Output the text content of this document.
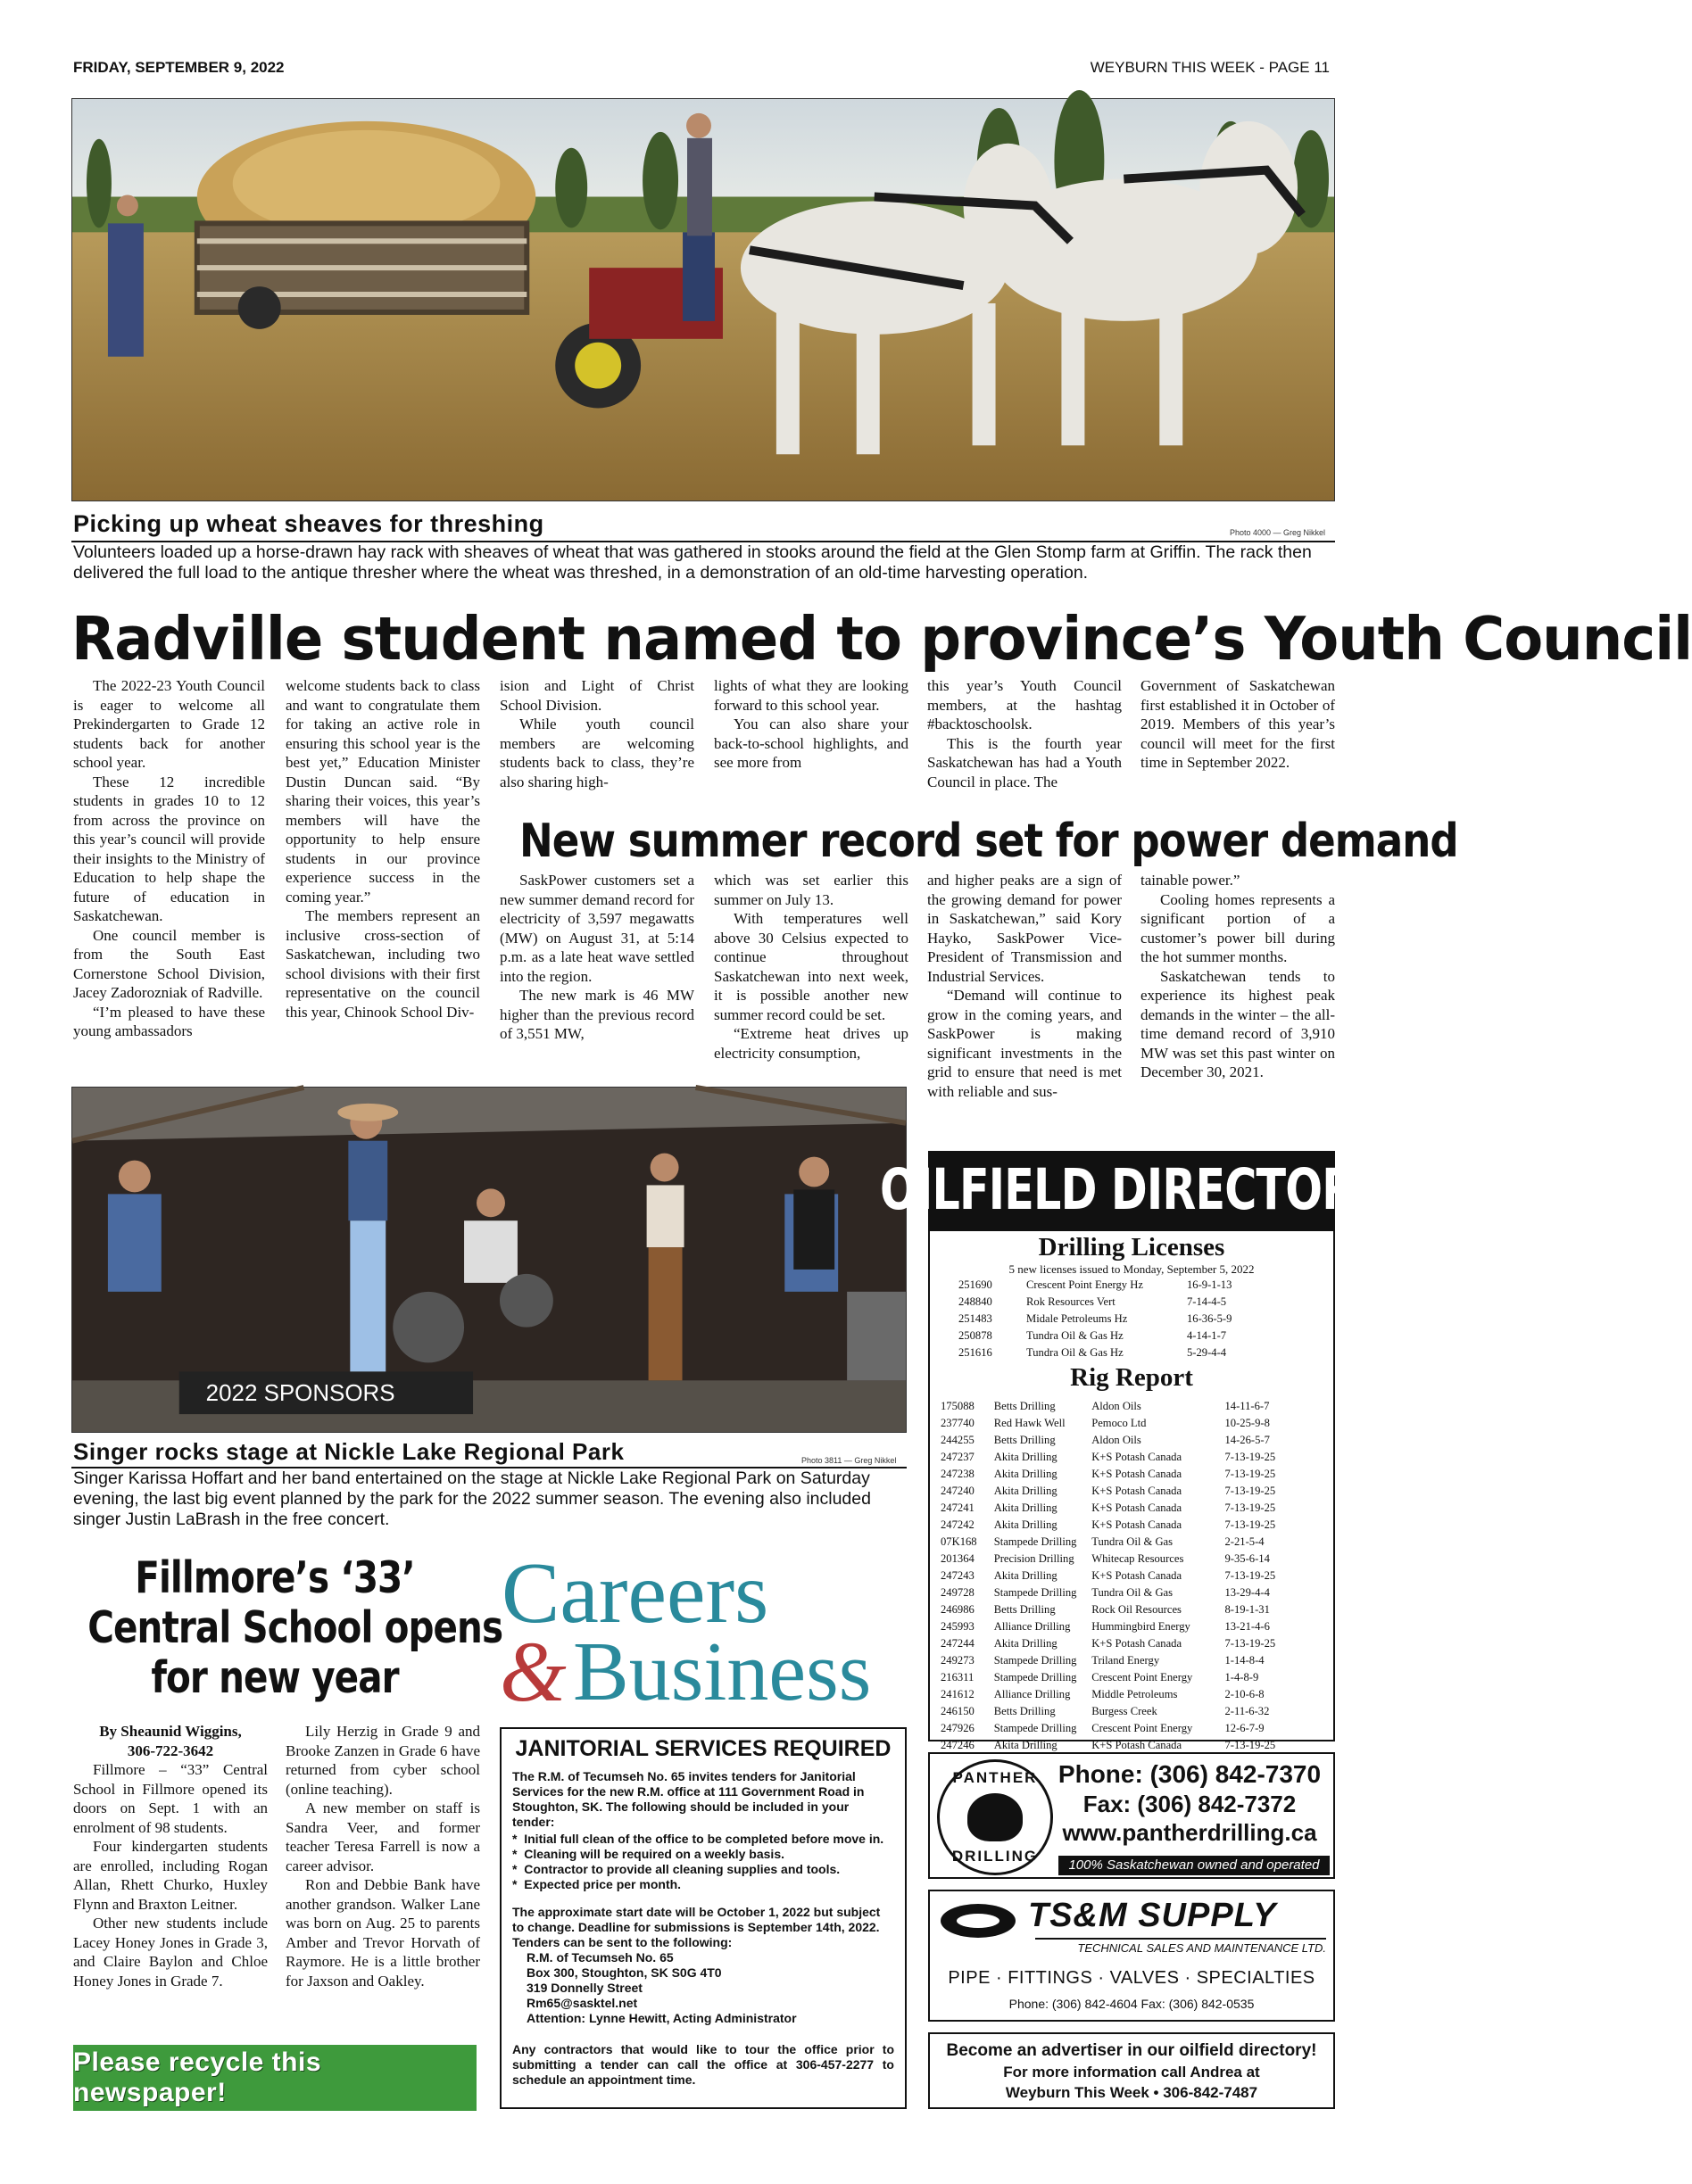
FRIDAY, SEPTEMBER 9, 2022	WEYBURN THIS WEEK - PAGE 11
Picking up wheat sheaves for threshing	Photo 4000 — Greg Nikkel
Volunteers loaded up a horse-drawn hay rack with sheaves of wheat that was gathered in stooks around the field at the Glen Stomp farm at Griffin. The rack then delivered the full load to the antique thresher where the wheat was threshed, in a demonstration of an old-time harvesting operation.
Radville student named to province’s Youth Council

The 2022-23 Youth Council is eager to welcome all Prekindergarten to Grade 12 students back for another school year.

These 12 incredible students in grades 10 to 12 from across the province on this year’s council will provide their insights to the Ministry of Education to help shape the future of education in Saskatchewan.

One council member is from the South East Cornerstone School Division, Jacey Zadorozniak of Radville.

“I’m pleased to have these young ambassadors

welcome students back to class and want to congratulate them for taking an active role in ensuring this school year is the best yet,” Education Minister Dustin Duncan said. “By sharing their voices, this year’s members will have the opportunity to help ensure students in our province experience success in the coming year.”

The members represent an inclusive cross-section of Saskatchewan, including two school divisions with their first representative on the council this year, Chinook School Div-

ision and Light of Christ School Division.

While youth council members are welcoming students back to class, they’re also sharing high-

lights of what they are looking forward to this school year.

You can also share your back-to-school highlights, and see more from

this year’s Youth Council members, at the hashtag #backtoschoolsk.

This is the fourth year Saskatchewan has had a Youth Council in place. The

Government of Saskatchewan first established it in October of 2019. Members of this year’s council will meet for the first time in September 2022.

New summer record set for power demand

SaskPower customers set a new summer demand record for electricity of 3,597 megawatts (MW) on August 31, at 5:14 p.m. as a late heat wave settled into the region.

The new mark is 46 MW higher than the previous record of 3,551 MW,

which was set earlier this summer on July 13.

With temperatures well above 30 Celsius expected to continue throughout Saskatchewan into next week, it is possible another new summer record could be set.

“Extreme heat drives up electricity consumption,

and higher peaks are a sign of the growing demand for power in Saskatchewan,” said Kory Hayko, SaskPower Vice-President of Transmission and Industrial Services.

“Demand will continue to grow in the coming years, and SaskPower is making significant investments in the grid to ensure that need is met with reliable and sus-

tainable power.”

Cooling homes represents a significant portion of a customer’s power bill during the hot summer months.

Saskatchewan tends to experience its highest peak demands in the winter – the all-time demand record of 3,910 MW was set this past winter on December 30, 2021.

2022 SPONSORS
Singer rocks stage at Nickle Lake Regional Park	Photo 3811 — Greg Nikkel
Singer Karissa Hoffart and her band entertained on the stage at Nickle Lake Regional Park on Saturday evening, the last big event planned by the park for the 2022 summer season. The evening also included singer Justin LaBrash in the free concert.
Fillmore’s ‘33’
Central School opens
for new year
By Sheaunid Wiggins,
306-722-3642

Fillmore – “33” Central School in Fillmore opened its doors on Sept. 1 with an enrolment of 98 students.

Four kindergarten students are enrolled, including Rogan Allan, Rhett Churko, Huxley Flynn and Braxton Leitner.

Other new students include Lacey Honey Jones in Grade 3, and Claire Baylon and Chloe Honey Jones in Grade 7.

Lily Herzig in Grade 9 and Brooke Zanzen in Grade 6 have returned from cyber school (online teaching).

A new member on staff is Sandra Veer, and former teacher Teresa Farrell is now a career advisor.

Ron and Debbie Bank have another grandson. Walker Lane was born on Aug. 25 to parents Amber and Trevor Horvath of Raymore. He is a little brother for Jaxson and Oakley.

Please recycle this newspaper!
Careers
& Business
JANITORIAL SERVICES REQUIRED

The R.M. of Tecumseh No. 65 invites tenders for Janitorial Services for the new R.M. office at 111 Government Road in Stoughton, SK. The following should be included in your tender:

*  Initial full clean of the office to be completed before move in.
*  Cleaning will be required on a weekly basis.
*  Contractor to provide all cleaning supplies and tools.
*  Expected price per month.

The approximate start date will be October 1, 2022 but subject to change. Deadline for submissions is September 14th, 2022. Tenders can be sent to the following:

R.M. of Tecumseh No. 65
Box 300, Stoughton, SK S0G 4T0
319 Donnelly Street
Rm65@sasktel.net
Attention: Lynne Hewitt, Acting Administrator

Any contractors that would like to tour the office prior to submitting a tender can call the office at 306-457-2277 to schedule an appointment time.

OILFIELD DIRECTORY
Drilling Licenses
5 new licenses issued to Monday, September 5, 2022
251690	Crescent Point Energy Hz	16-9-1-13
248840	Rok Resources Vert	7-14-4-5
251483	Midale Petroleums Hz	16-36-5-9
250878	Tundra Oil & Gas Hz	4-14-1-7
251616	Tundra Oil & Gas Hz	5-29-4-4
Rig Report
175088	Betts Drilling	Aldon Oils	14-11-6-7
237740	Red Hawk Well	Pemoco Ltd	10-25-9-8
244255	Betts Drilling	Aldon Oils	14-26-5-7
247237	Akita Drilling	K+S Potash Canada	7-13-19-25
247238	Akita Drilling	K+S Potash Canada	7-13-19-25
247240	Akita Drilling	K+S Potash Canada	7-13-19-25
247241	Akita Drilling	K+S Potash Canada	7-13-19-25
247242	Akita Drilling	K+S Potash Canada	7-13-19-25
07K168	Stampede Drilling	Tundra Oil & Gas	2-21-5-4
201364	Precision Drilling	Whitecap Resources	9-35-6-14
247243	Akita Drilling	K+S Potash Canada	7-13-19-25
249728	Stampede Drilling	Tundra Oil & Gas	13-29-4-4
246986	Betts Drilling	Rock Oil Resources	8-19-1-31
245993	Alliance Drilling	Hummingbird Energy	13-21-4-6
247244	Akita Drilling	K+S Potash Canada	7-13-19-25
249273	Stampede Drilling	Triland Energy	1-14-8-4
216311	Stampede Drilling	Crescent Point Energy	1-4-8-9
241612	Alliance Drilling	Middle Petroleums	2-10-6-8
246150	Betts Drilling	Burgess Creek	2-11-6-32
247926	Stampede Drilling	Crescent Point Energy	12-6-7-9
247246	Akita Drilling	K+S Potash Canada	7-13-19-25
PANTHER
DRILLING
Phone: (306) 842-7370
Fax: (306) 842-7372
www.pantherdrilling.ca
100% Saskatchewan owned and operated
TS&M SUPPLY
TECHNICAL SALES AND MAINTENANCE LTD.
PIPE · FITTINGS · VALVES · SPECIALTIES
Phone: (306) 842-4604 Fax: (306) 842-0535
Become an advertiser in our oilfield directory!
For more information call Andrea at
Weyburn This Week • 306-842-7487
